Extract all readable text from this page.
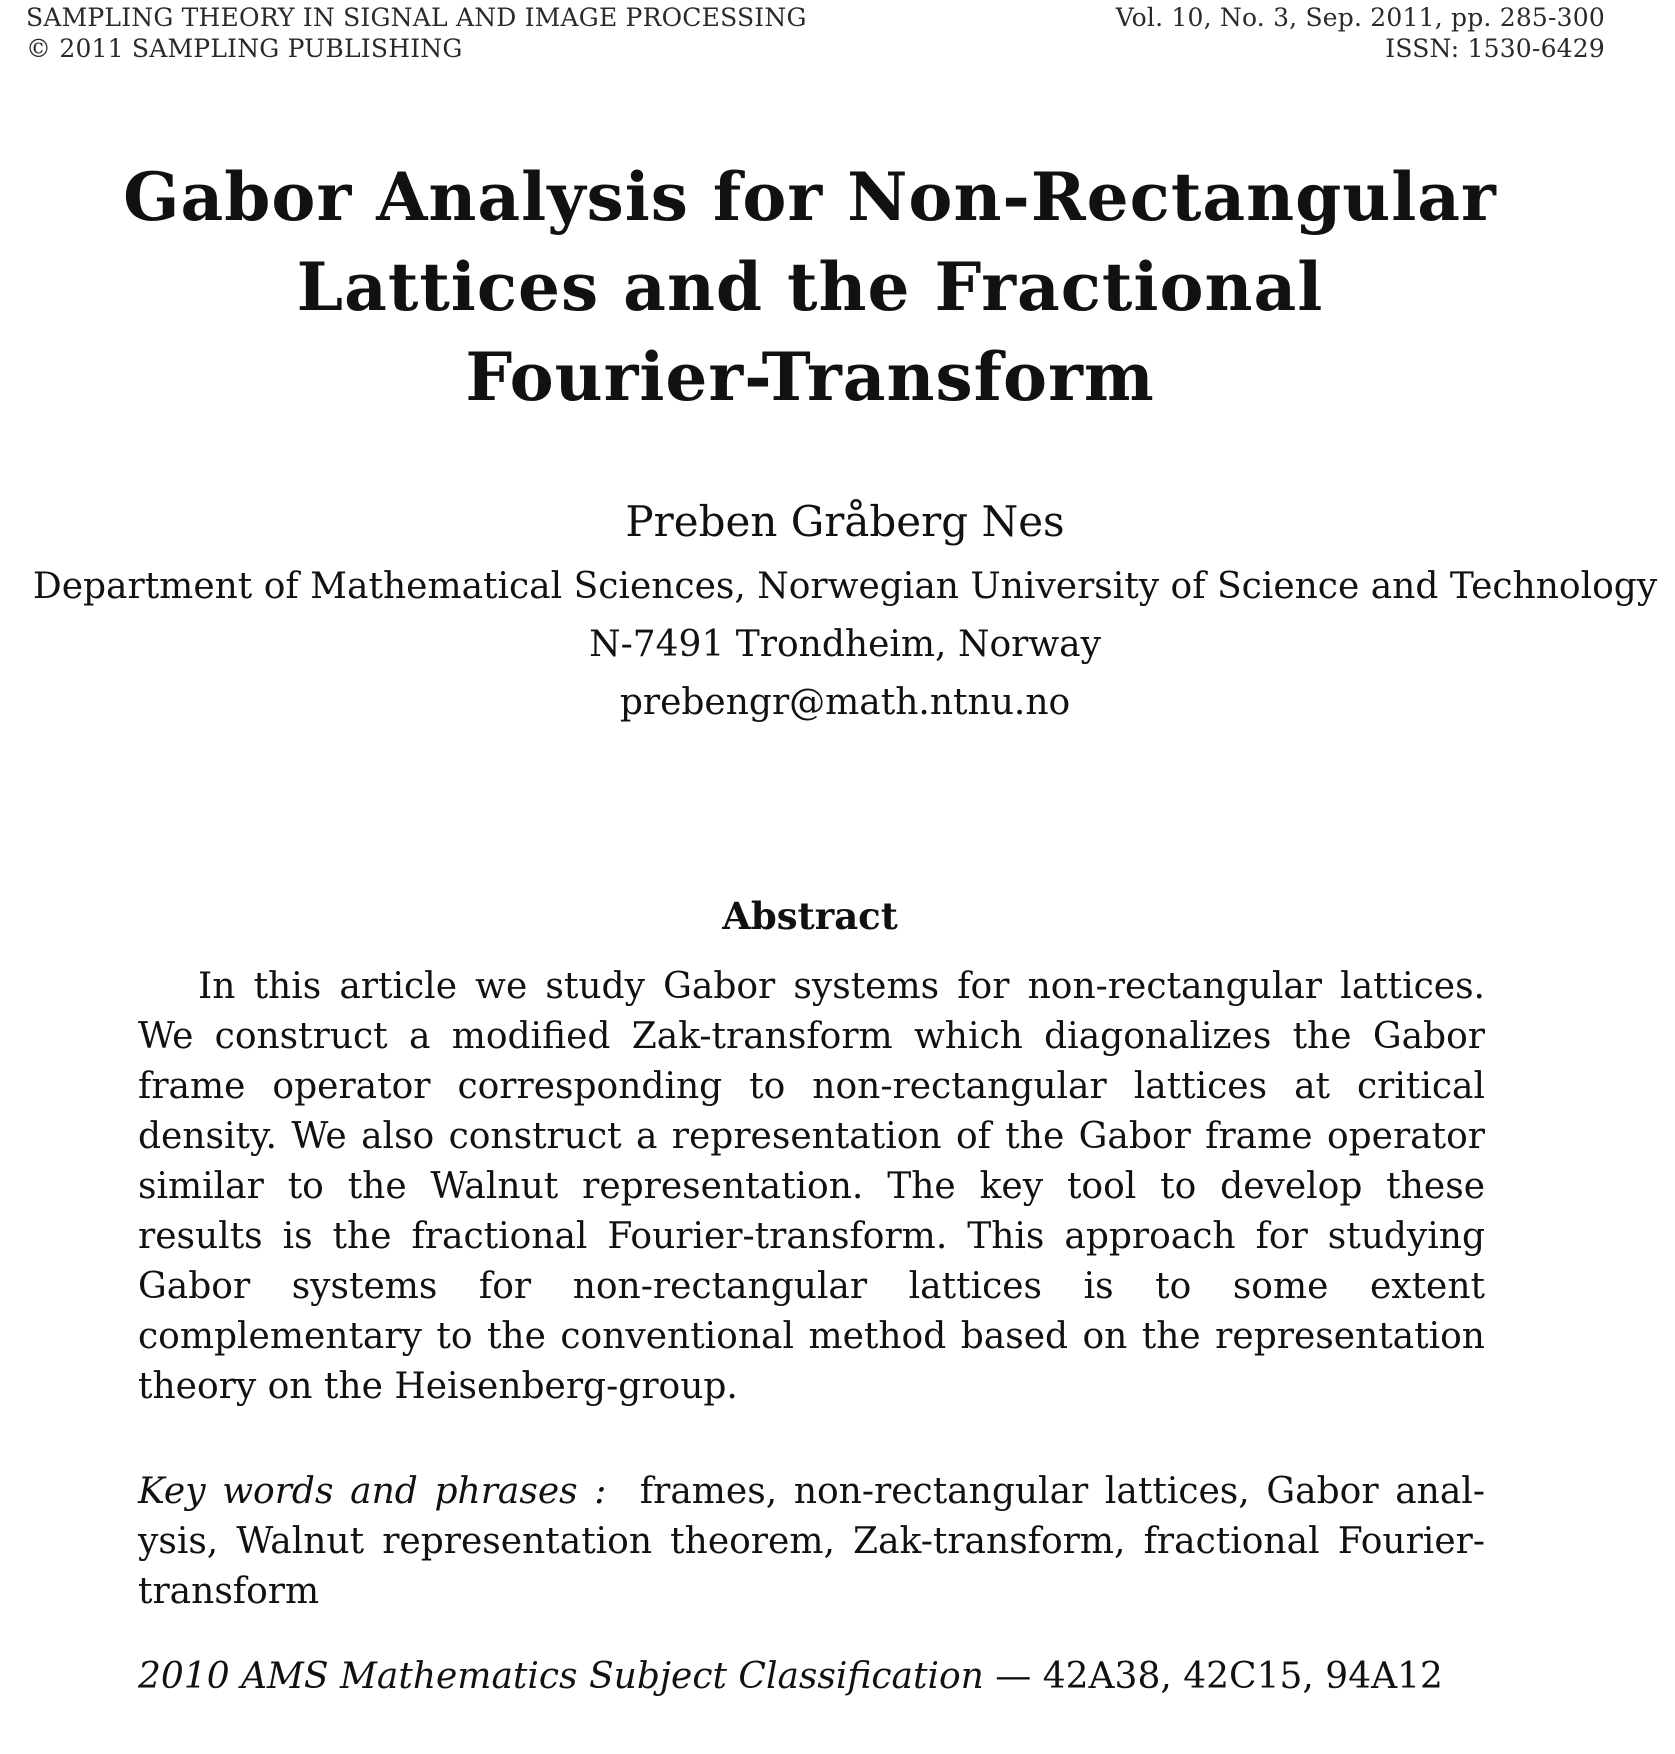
SAMPLING THEORY IN SIGNAL AND IMAGE PROCESSING
© 2011 SAMPLING PUBLISHING
Vol. 10, No. 3, Sep. 2011, pp. 285-300
ISSN: 1530-6429
Gabor Analysis for Non-Rectangular
Lattices and the Fractional
Fourier-Transform
Preben Gråberg Nes
Department of Mathematical Sciences, Norwegian University of Science and Technology
N-7491 Trondheim, Norway
prebengr@math.ntnu.no
Abstract
In this article we study Gabor systems for non-rectangular lattices. We construct a modified Zak-transform which diagonalizes the Gabor frame operator corresponding to non-rectangular lattices at critical density. We also construct a representation of the Gabor frame operator similar to the Walnut representation. The key tool to develop these results is the fractional Fourier-transform. This approach for studying Gabor systems for non-rectangular lattices is to some extent complementary to the conventional method based on the representation theory on the Heisenberg-group.
Key words and phrases : frames, non-rectangular lattices, Gabor analysis, Walnut representation theorem, Zak-transform, fractional Fourier-transform
2010 AMS Mathematics Subject Classification — 42A38, 42C15, 94A12
